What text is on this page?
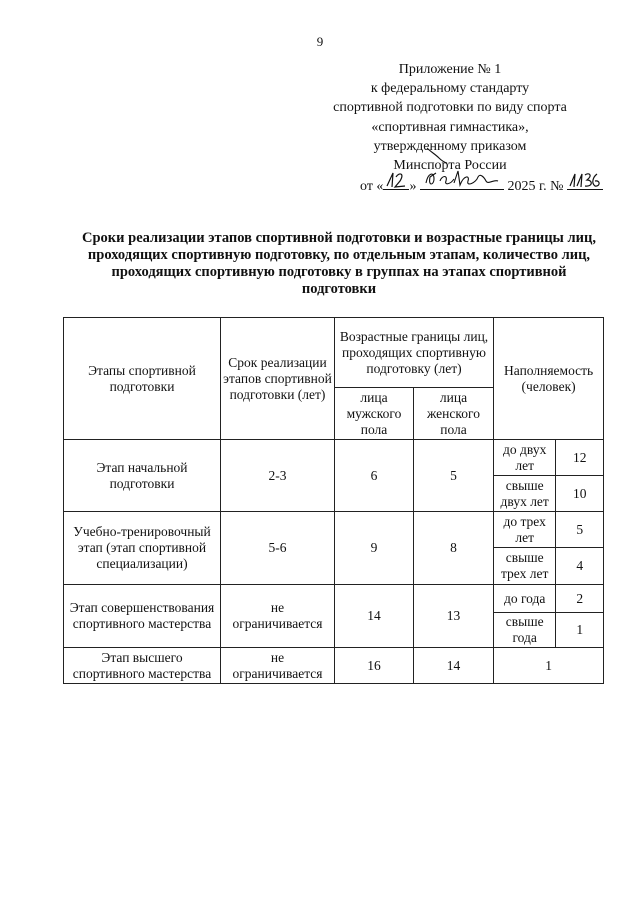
9
Приложение № 1
к федеральному стандарту
спортивной подготовки по виду спорта
«спортивная гимнастика»,
утвержденному приказом
Минспорта России
от « »	2025 г. №
Сроки реализации этапов спортивной подготовки и возрастные границы лиц,
проходящих спортивную подготовку, по отдельным этапам, количество лиц,
проходящих спортивную подготовку в группах на этапах спортивной
подготовки
Этапы спортивной подготовки	Срок реализации этапов спортивной подготовки (лет)	Возрастные границы лиц, проходящих спортивную подготовку (лет)		Наполняемость (человек)	
		лица мужского пола	лица женского пола		
Этап начальной подготовки	2-3	6	5	до двух лет	12
				свыше двух лет	10
Учебно-тренировочный этап (этап спортивной специализации)	5-6	9	8	до трех лет	5
				свыше трех лет	4
Этап совершенствования спортивного мастерства	не ограничивается	14	13	до года	2
				свыше года	1
Этап высшего спортивного мастерства	не ограничивается	16	14	1	
